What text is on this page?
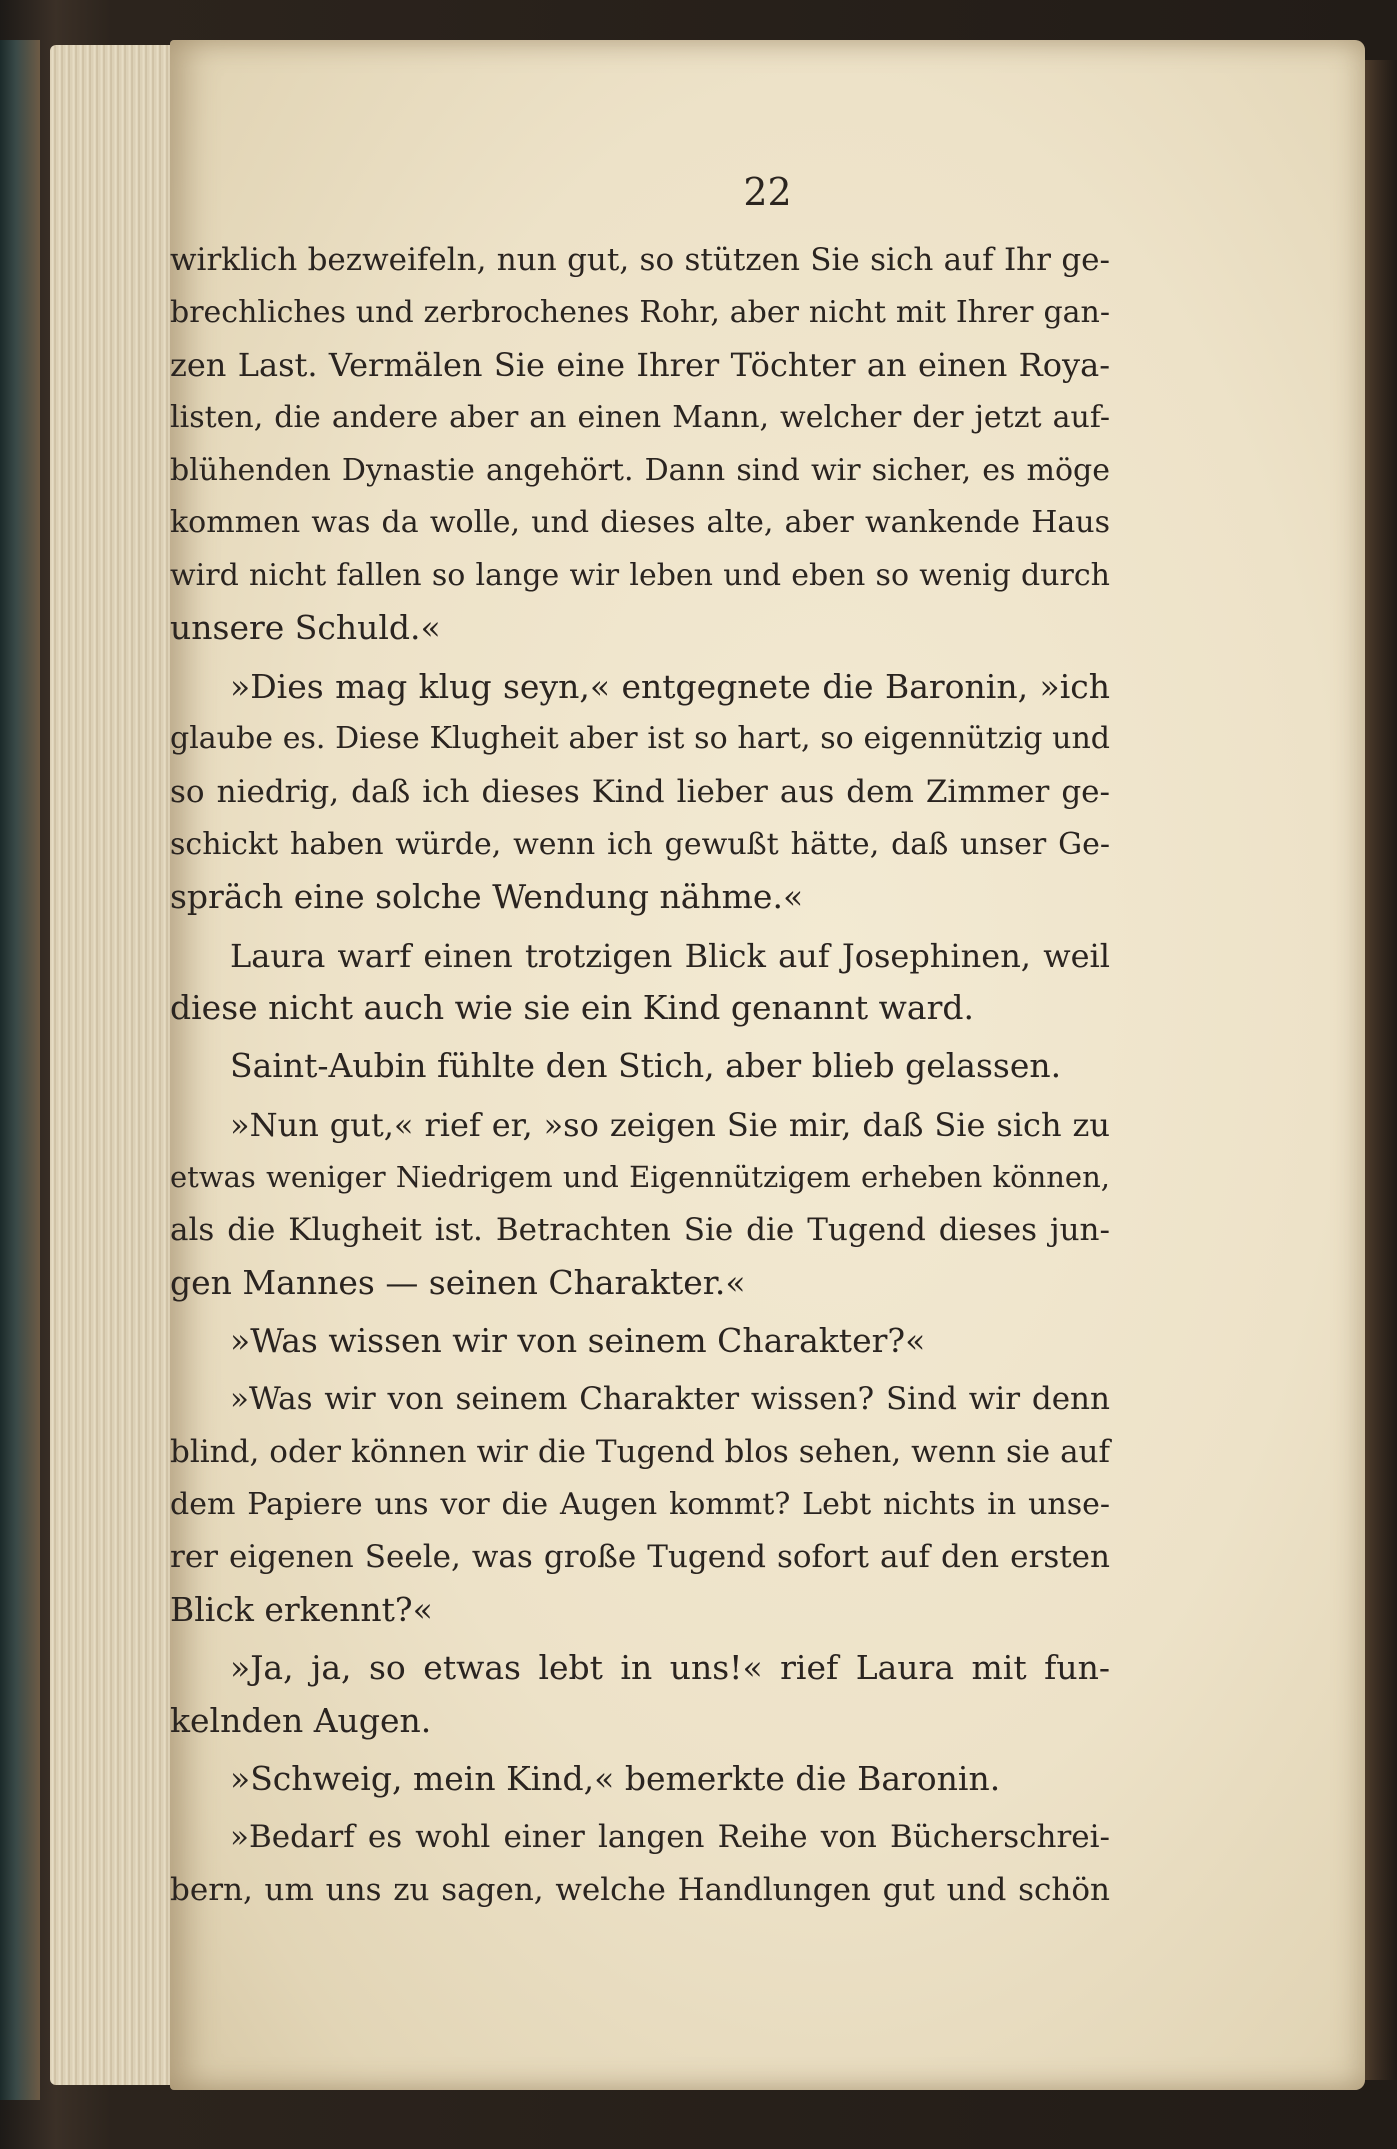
22
wirklich bezweifeln, nun gut, so stützen Sie sich auf Ihr ge-
brechliches und zerbrochenes Rohr, aber nicht mit Ihrer gan-
zen Last. Vermälen Sie eine Ihrer Töchter an einen Roya-
listen, die andere aber an einen Mann, welcher der jetzt auf-
blühenden Dynastie angehört. Dann sind wir sicher, es möge
kommen was da wolle, und dieses alte, aber wankende Haus
wird nicht fallen so lange wir leben und eben so wenig durch
unsere Schuld.«
»Dies mag klug seyn,« entgegnete die Baronin, »ich
glaube es. Diese Klugheit aber ist so hart, so eigennützig und
so niedrig, daß ich dieses Kind lieber aus dem Zimmer ge-
schickt haben würde, wenn ich gewußt hätte, daß unser Ge-
spräch eine solche Wendung nähme.«
Laura warf einen trotzigen Blick auf Josephinen, weil
diese nicht auch wie sie ein Kind genannt ward.
Saint-Aubin fühlte den Stich, aber blieb gelassen.
»Nun gut,« rief er, »so zeigen Sie mir, daß Sie sich zu
etwas weniger Niedrigem und Eigennützigem erheben können,
als die Klugheit ist. Betrachten Sie die Tugend dieses jun-
gen Mannes — seinen Charakter.«
»Was wissen wir von seinem Charakter?«
»Was wir von seinem Charakter wissen? Sind wir denn
blind, oder können wir die Tugend blos sehen, wenn sie auf
dem Papiere uns vor die Augen kommt? Lebt nichts in unse-
rer eigenen Seele, was große Tugend sofort auf den ersten
Blick erkennt?«
»Ja, ja, so etwas lebt in uns!« rief Laura mit fun-
kelnden Augen.
»Schweig, mein Kind,« bemerkte die Baronin.
»Bedarf es wohl einer langen Reihe von Bücherschrei-
bern, um uns zu sagen, welche Handlungen gut und schön
